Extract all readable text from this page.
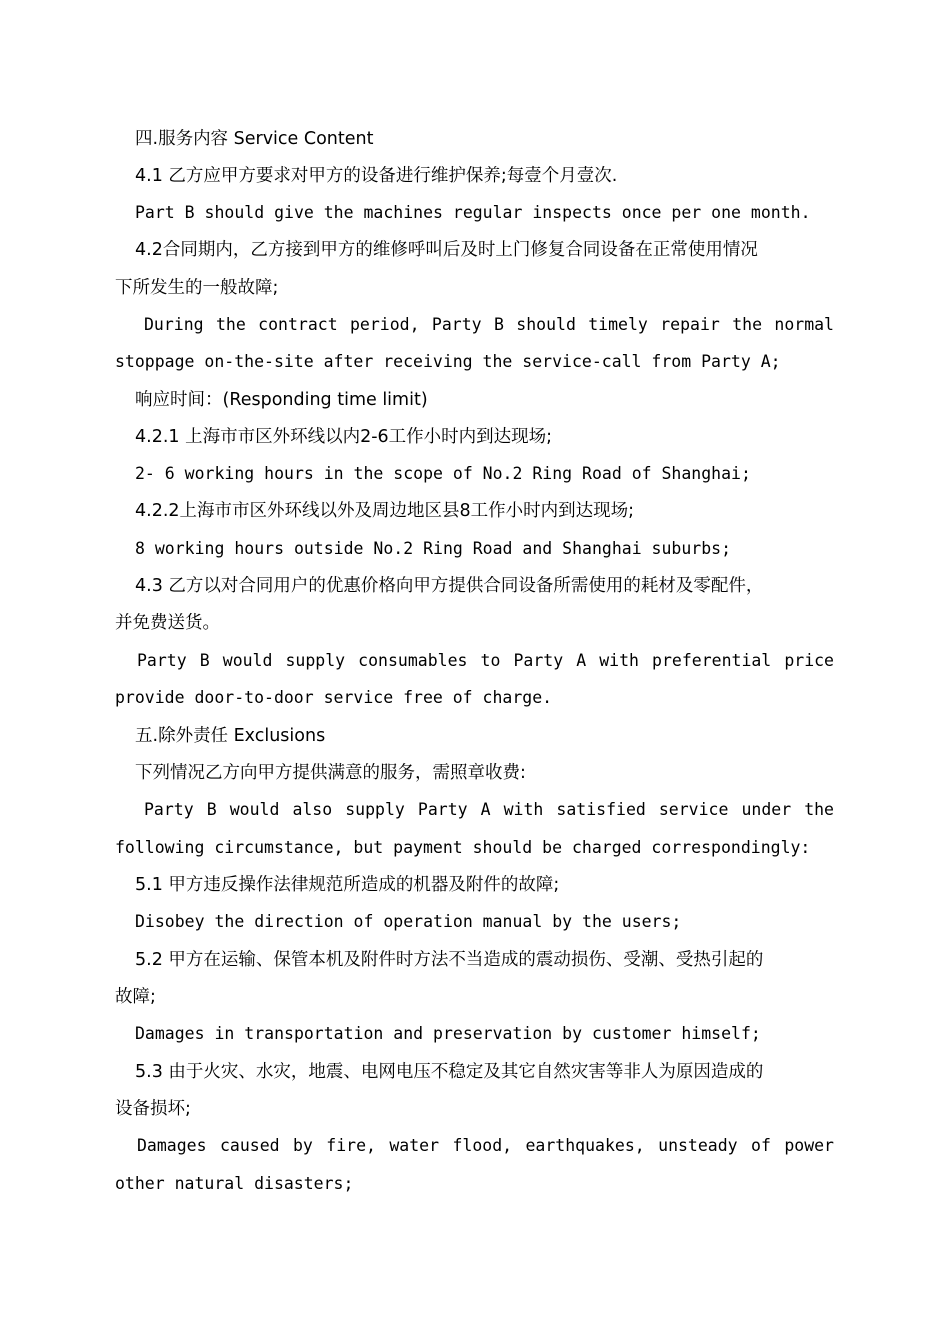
四.服务内容 Service Content

4.1 乙方应甲方要求对甲方的设备进行维护保养;每壹个月壹次.

Part B should give the machines regular inspects once per one month.

4.2合同期内，乙方接到甲方的维修呼叫后及时上门修复合同设备在正常使用情况

下所发生的一般故障;

During the contract period, Party B should timely repair the normal

stoppage on-the-site after receiving the service-call from Party A;

响应时间：(Responding time limit)

4.2.1 上海市市区外环线以内2-6工作小时内到达现场;

2- 6 working hours in the scope of No.2 Ring Road of Shanghai;

4.2.2上海市市区外环线以外及周边地区县8工作小时内到达现场;

8 working hours outside No.2 Ring Road and Shanghai suburbs;

4.3 乙方以对合同用户的优惠价格向甲方提供合同设备所需使用的耗材及零配件，

并免费送货。

Party B would supply consumables to Party A with preferential price

provide door-to-door service free of charge.

五.除外责任 Exclusions

下列情况乙方向甲方提供满意的服务，需照章收费:

Party B would also supply Party A with satisfied service under the

following circumstance, but payment should be charged correspondingly:

5.1 甲方违反操作法律规范所造成的机器及附件的故障;

Disobey the direction of operation manual by the users;

5.2 甲方在运输、保管本机及附件时方法不当造成的震动损伤、受潮、受热引起的

故障;

Damages in transportation and preservation by customer himself;

5.3 由于火灾、水灾，地震、电网电压不稳定及其它自然灾害等非人为原因造成的

设备损坏;

Damages caused by fire, water flood, earthquakes, unsteady of power

other natural disasters;
